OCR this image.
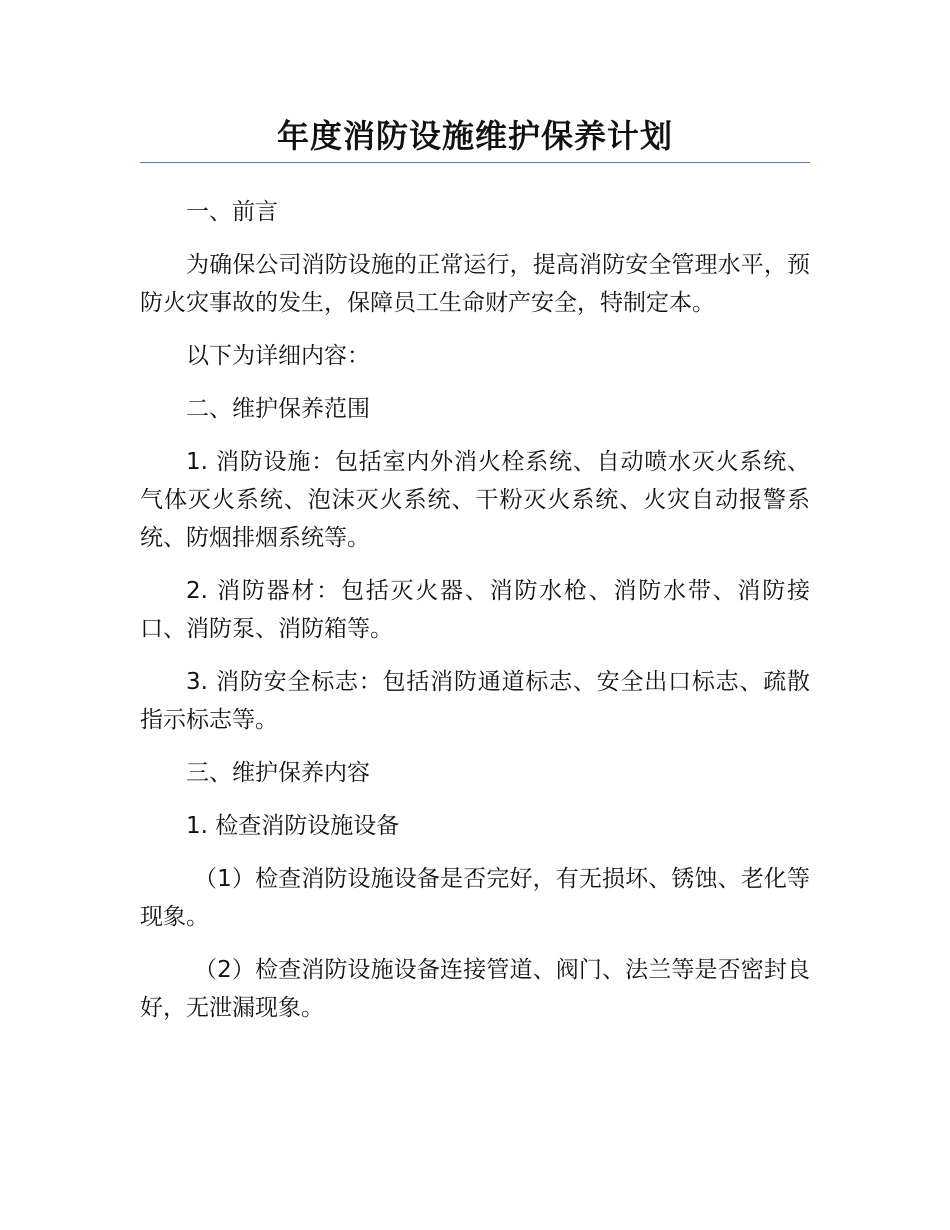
年度消防设施维护保养计划

一、前言

为确保公司消防设施的正常运行，提高消防安全管理水平，预防火灾事故的发生，保障员工生命财产安全，特制定本。

以下为详细内容：

二、维护保养范围

1. 消防设施：包括室内外消火栓系统、自动喷水灭火系统、气体灭火系统、泡沫灭火系统、干粉灭火系统、火灾自动报警系统、防烟排烟系统等。

2. 消防器材：包括灭火器、消防水枪、消防水带、消防接口、消防泵、消防箱等。

3. 消防安全标志：包括消防通道标志、安全出口标志、疏散指示标志等。

三、维护保养内容

1. 检查消防设施设备

（1）检查消防设施设备是否完好，有无损坏、锈蚀、老化等现象。

（2）检查消防设施设备连接管道、阀门、法兰等是否密封良好，无泄漏现象。
